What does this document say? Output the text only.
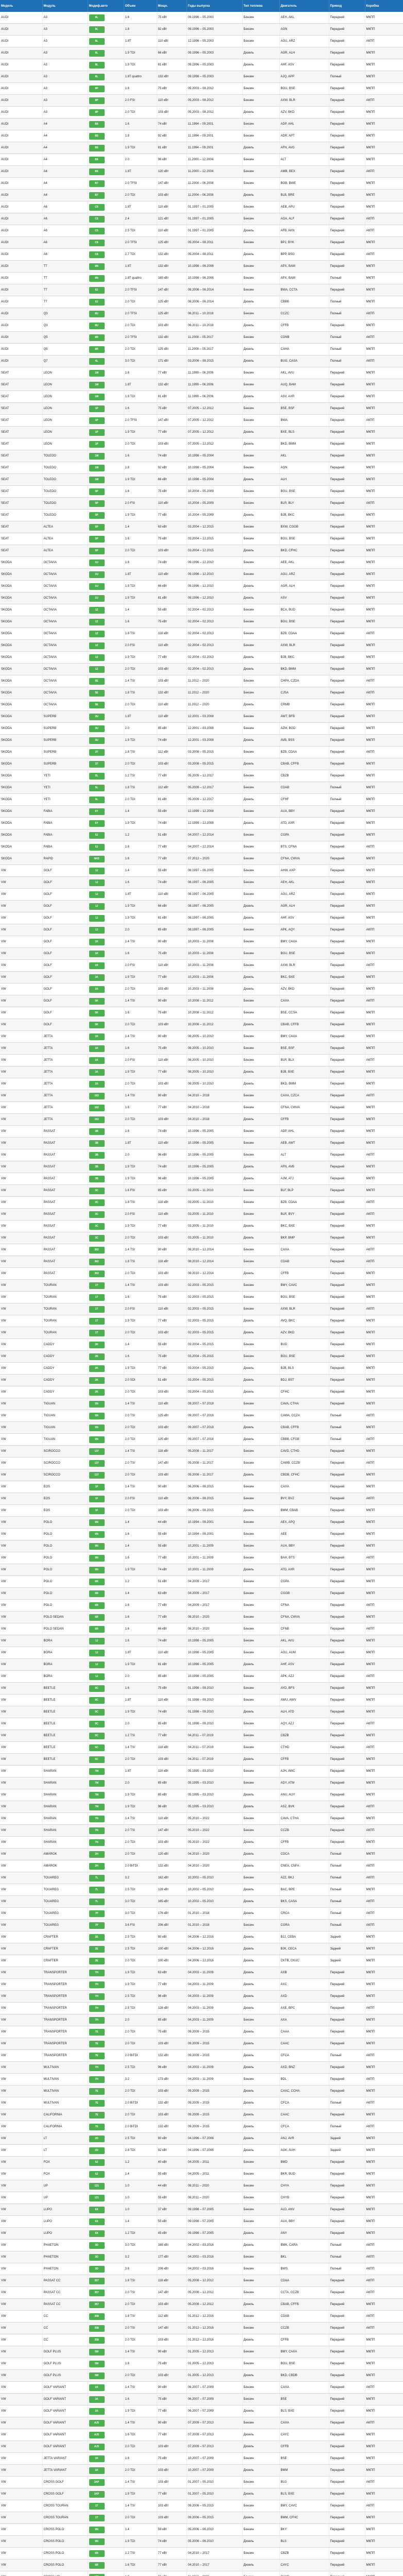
Модель	Модуль	Модиф.авто	Объем	Мощн.	Годы выпуска	Тип топлива	Двигатель	Привод	Коробка
AUDI	A3	8L	1.6	75 кВт	09.1996 – 05.2003	Бензин	AEH, AKL	Передний	МКПП
AUDI	A3	8L	1.8	92 кВт	09.1996 – 05.2003	Бензин	AGN	Передний	МКПП
AUDI	A3	8L	1.8T	110 кВт	12.1996 – 05.2003	Бензин	AGU, ARZ	Передний	АКПП
AUDI	A3	8L	1.9 TDI	66 кВт	09.1996 – 05.2003	Дизель	AGR, ALH	Передний	МКПП
AUDI	A3	8L	1.9 TDI	81 кВт	09.1996 – 05.2003	Дизель	AHF, ASV	Передний	МКПП
AUDI	A3	8L	1.8T quattro	132 кВт	09.1998 – 05.2003	Бензин	AJQ, APP	Полный	МКПП
AUDI	A3	8P	1.6	75 кВт	05.2003 – 08.2012	Бензин	BGU, BSE	Передний	МКПП
AUDI	A3	8P	2.0 FSI	110 кВт	05.2003 – 08.2012	Бензин	AXW, BLR	Передний	АКПП
AUDI	A3	8P	2.0 TDI	103 кВт	05.2003 – 08.2012	Дизель	AZV, BKD	Передний	МКПП
AUDI	A4	B5	1.6	74 кВт	11.1994 – 09.2001	Бензин	ADP, AHL	Передний	МКПП
AUDI	A4	B5	1.8	92 кВт	11.1994 – 09.2001	Бензин	ADR, APT	Передний	МКПП
AUDI	A4	B5	1.9 TDI	81 кВт	11.1994 – 09.2001	Дизель	AFN, AVG	Передний	МКПП
AUDI	A4	B6	2.0	96 кВт	11.2000 – 12.2004	Бензин	ALT	Передний	МКПП
AUDI	A4	B6	1.8T	120 кВт	11.2000 – 12.2004	Бензин	AMB, BEX	Передний	АКПП
AUDI	A4	B7	2.0 TFSI	147 кВт	11.2004 – 06.2008	Бензин	BGB, BWE	Передний	МКПП
AUDI	A4	B7	2.0 TDI	103 кВт	11.2004 – 06.2008	Дизель	BLB, BRE	Передний	МКПП
AUDI	A6	C5	1.8T	110 кВт	01.1997 – 01.2005	Бензин	AEB, APU	Передний	МКПП
AUDI	A6	C5	2.4	121 кВт	01.1997 – 01.2005	Бензин	AGA, ALF	Передний	АКПП
AUDI	A6	C5	2.5 TDI	110 кВт	01.1997 – 01.2005	Дизель	AFB, AKN	Передний	АКПП
AUDI	A6	C6	2.0 TFSI	125 кВт	05.2004 – 08.2011	Бензин	BPJ, BYK	Передний	МКПП
AUDI	A6	C6	2.7 TDI	132 кВт	05.2004 – 08.2011	Дизель	BPP, BSG	Передний	АКПП
AUDI	TT	8N	1.8T	132 кВт	10.1998 – 06.2006	Бензин	APX, BAM	Передний	МКПП
AUDI	TT	8N	1.8T quattro	165 кВт	10.1998 – 06.2006	Бензин	APX, BAM	Полный	МКПП
AUDI	TT	8J	2.0 TFSI	147 кВт	08.2006 – 06.2014	Бензин	BWA, CCTA	Передний	МКПП
AUDI	TT	8J	2.0 TDI	125 кВт	08.2006 – 06.2014	Дизель	CBBB	Полный	МКПП
AUDI	Q3	8U	2.0 TFSI	125 кВт	06.2011 – 10.2018	Бензин	CCZC	Полный	АКПП
AUDI	Q3	8U	2.0 TDI	103 кВт	06.2011 – 10.2018	Дизель	CFFB	Передний	МКПП
AUDI	Q5	8R	2.0 TFSI	132 кВт	11.2008 – 05.2017	Бензин	CDNB	Полный	АКПП
AUDI	Q5	8R	2.0 TDI	125 кВт	11.2008 – 05.2017	Дизель	CAHA	Полный	МКПП
AUDI	Q7	4L	3.0 TDI	171 кВт	03.2006 – 08.2015	Дизель	BUG, CASA	Полный	АКПП
SEAT	LEON	1M	1.6	77 кВт	11.1999 – 06.2006	Бензин	AKL, AVU	Передний	МКПП
SEAT	LEON	1M	1.8T	132 кВт	11.1999 – 06.2006	Бензин	AUQ, BAM	Передний	МКПП
SEAT	LEON	1M	1.9 TDI	81 кВт	11.1999 – 06.2006	Дизель	ASV, AXR	Передний	МКПП
SEAT	LEON	1P	1.6	75 кВт	07.2005 – 12.2012	Бензин	BSE, BSF	Передний	МКПП
SEAT	LEON	1P	2.0 TFSI	147 кВт	07.2005 – 12.2012	Бензин	BWA	Передний	АКПП
SEAT	LEON	1P	1.9 TDI	77 кВт	07.2005 – 12.2012	Дизель	BXE, BLS	Передний	МКПП
SEAT	LEON	1P	2.0 TDI	103 кВт	07.2005 – 12.2012	Дизель	BKD, BMM	Передний	МКПП
SEAT	TOLEDO	1M	1.6	74 кВт	10.1998 – 05.2004	Бензин	AKL	Передний	МКПП
SEAT	TOLEDO	1M	1.8	92 кВт	10.1998 – 05.2004	Бензин	AGN	Передний	МКПП
SEAT	TOLEDO	1M	1.9 TDI	66 кВт	10.1998 – 05.2004	Дизель	ALH	Передний	МКПП
SEAT	TOLEDO	5P	1.6	75 кВт	10.2004 – 05.2009	Бензин	BGU, BSE	Передний	МКПП
SEAT	TOLEDO	5P	2.0 FSI	110 кВт	10.2004 – 05.2009	Бензин	BLR, BLY	Передний	АКПП
SEAT	TOLEDO	5P	1.9 TDI	77 кВт	10.2004 – 05.2009	Дизель	BJB, BKC	Передний	МКПП
SEAT	ALTEA	5P	1.4	63 кВт	03.2004 – 12.2015	Бензин	BXW, CGGB	Передний	МКПП
SEAT	ALTEA	5P	1.6	75 кВт	03.2004 – 12.2015	Бензин	BGU, BSE	Передний	МКПП
SEAT	ALTEA	5P	2.0 TDI	103 кВт	03.2004 – 12.2015	Дизель	BKD, CFHC	Передний	МКПП
SKODA	OCTAVIA	1U	1.6	74 кВт	09.1996 – 12.2010	Бензин	AEE, AKL	Передний	МКПП
SKODA	OCTAVIA	1U	1.8T	110 кВт	09.1996 – 12.2010	Бензин	AGU, ARZ	Передний	МКПП
SKODA	OCTAVIA	1U	1.9 TDI	66 кВт	09.1996 – 12.2010	Дизель	AGR, ALH	Передний	МКПП
SKODA	OCTAVIA	1U	1.9 TDI	81 кВт	09.1996 – 12.2010	Дизель	ASV	Передний	МКПП
SKODA	OCTAVIA	1Z	1.4	55 кВт	02.2004 – 02.2013	Бензин	BCA, BUD	Передний	МКПП
SKODA	OCTAVIA	1Z	1.6	75 кВт	02.2004 – 02.2013	Бензин	BGU, BSE	Передний	МКПП
SKODA	OCTAVIA	1Z	1.8 TSI	118 кВт	02.2004 – 02.2013	Бензин	BZB, CDAA	Передний	АКПП
SKODA	OCTAVIA	1Z	2.0 FSI	110 кВт	02.2004 – 02.2013	Бензин	AXW, BLR	Передний	МКПП
SKODA	OCTAVIA	1Z	1.9 TDI	77 кВт	02.2004 – 02.2013	Дизель	BJB, BKC	Передний	МКПП
SKODA	OCTAVIA	1Z	2.0 TDI	103 кВт	02.2004 – 02.2013	Дизель	BKD, BMM	Передний	МКПП
SKODA	OCTAVIA	5E	1.4 TSI	103 кВт	11.2012 – 2020	Бензин	CHPA, CZDA	Передний	АКПП
SKODA	OCTAVIA	5E	1.8 TSI	132 кВт	11.2012 – 2020	Бензин	CJSA	Передний	АКПП
SKODA	OCTAVIA	5E	2.0 TDI	110 кВт	11.2012 – 2020	Дизель	CRMB	Передний	МКПП
SKODA	SUPERB	3U	1.8T	110 кВт	12.2001 – 03.2008	Бензин	AWT, BFB	Передний	МКПП
SKODA	SUPERB	3U	2.0	85 кВт	12.2001 – 03.2008	Бензин	AZM, BGD	Передний	МКПП
SKODA	SUPERB	3U	1.9 TDI	74 кВт	12.2001 – 03.2008	Дизель	AVB, BSS	Передний	МКПП
SKODA	SUPERB	3T	1.8 TSI	112 кВт	03.2008 – 05.2015	Бензин	BZB, CDAA	Передний	АКПП
SKODA	SUPERB	3T	2.0 TDI	103 кВт	03.2008 – 05.2015	Дизель	CBAB, CFFB	Передний	МКПП
SKODA	YETI	5L	1.2 TSI	77 кВт	05.2009 – 12.2017	Бензин	CBZB	Передний	МКПП
SKODA	YETI	5L	1.8 TSI	112 кВт	05.2009 – 12.2017	Бензин	CDAB	Полный	МКПП
SKODA	YETI	5L	2.0 TDI	81 кВт	05.2009 – 12.2017	Дизель	CFHF	Полный	МКПП
SKODA	FABIA	6Y	1.4	55 кВт	12.1999 – 12.2008	Бензин	AUA, BBY	Передний	МКПП
SKODA	FABIA	6Y	1.9 TDI	74 кВт	12.1999 – 12.2008	Дизель	ATD, AXR	Передний	МКПП
SKODA	FABIA	5J	1.2	51 кВт	04.2007 – 12.2014	Бензин	CGPA	Передний	МКПП
SKODA	FABIA	5J	1.6	77 кВт	04.2007 – 12.2014	Бензин	BTS, CFNA	Передний	АКПП
SKODA	RAPID	NH3	1.6	77 кВт	07.2012 – 2020	Бензин	CFNA, CWVA	Передний	МКПП
VW	GOLF	1J	1.4	55 кВт	08.1997 – 06.2005	Бензин	AHW, AXP	Передний	МКПП
VW	GOLF	1J	1.6	74 кВт	08.1997 – 06.2005	Бензин	AEH, AKL	Передний	МКПП
VW	GOLF	1J	1.8T	110 кВт	08.1997 – 06.2005	Бензин	AGU, ARZ	Передний	МКПП
VW	GOLF	1J	1.9 TDI	66 кВт	08.1997 – 06.2005	Дизель	AGR, ALH	Передний	МКПП
VW	GOLF	1J	1.9 TDI	81 кВт	08.1997 – 06.2005	Дизель	AHF, ASV	Передний	МКПП
VW	GOLF	1J	2.0	85 кВт	08.1997 – 06.2005	Бензин	APK, AQY	Передний	АКПП
VW	GOLF	1K	1.4 TSI	90 кВт	10.2003 – 11.2008	Бензин	BMY, CAXA	Передний	МКПП
VW	GOLF	1K	1.6	75 кВт	10.2003 – 11.2008	Бензин	BGU, BSE	Передний	МКПП
VW	GOLF	1K	2.0 FSI	110 кВт	10.2003 – 11.2008	Бензин	AXW, BLR	Передний	АКПП
VW	GOLF	1K	1.9 TDI	77 кВт	10.2003 – 11.2008	Дизель	BKC, BXE	Передний	МКПП
VW	GOLF	1K	2.0 TDI	103 кВт	10.2003 – 11.2008	Дизель	AZV, BKD	Передний	МКПП
VW	GOLF	5K	1.4 TSI	90 кВт	10.2008 – 11.2012	Бензин	CAXA	Передний	АКПП
VW	GOLF	5K	1.6	75 кВт	10.2008 – 11.2012	Бензин	BSE, CCSA	Передний	МКПП
VW	GOLF	5K	2.0 TDI	103 кВт	10.2008 – 11.2012	Дизель	CBAB, CFFB	Передний	МКПП
VW	JETTA	1K	1.4 TSI	90 кВт	08.2005 – 10.2010	Бензин	BMY, CAXA	Передний	МКПП
VW	JETTA	1K	1.6	75 кВт	08.2005 – 10.2010	Бензин	BSE, BSF	Передний	МКПП
VW	JETTA	1K	2.0 FSI	110 кВт	08.2005 – 10.2010	Бензин	BLR, BLX	Передний	АКПП
VW	JETTA	1K	1.9 TDI	77 кВт	08.2005 – 10.2010	Дизель	BJB, BXE	Передний	МКПП
VW	JETTA	1K	2.0 TDI	103 кВт	08.2005 – 10.2010	Дизель	BKD, BMM	Передний	МКПП
VW	JETTA	162	1.4 TSI	90 кВт	04.2010 – 2018	Бензин	CAXA, CZCA	Передний	АКПП
VW	JETTA	162	1.6	77 кВт	04.2010 – 2018	Бензин	CFNA, CWVA	Передний	МКПП
VW	JETTA	162	2.0 TDI	103 кВт	04.2010 – 2018	Дизель	CFFB	Передний	МКПП
VW	PASSAT	3B	1.6	74 кВт	10.1996 – 05.2005	Бензин	ADP, AHL	Передний	МКПП
VW	PASSAT	3B	1.8T	110 кВт	10.1996 – 05.2005	Бензин	AEB, AWT	Передний	МКПП
VW	PASSAT	3B	2.0	96 кВт	10.1996 – 05.2005	Бензин	ALT	Передний	АКПП
VW	PASSAT	3B	1.9 TDI	74 кВт	10.1996 – 05.2005	Дизель	AFN, AVB	Передний	МКПП
VW	PASSAT	3B	1.9 TDI	96 кВт	10.1996 – 05.2005	Дизель	AJM, ATJ	Передний	МКПП
VW	PASSAT	3C	1.6 FSI	85 кВт	03.2005 – 11.2010	Бензин	BLF, BLP	Передний	МКПП
VW	PASSAT	3C	1.8 TSI	118 кВт	03.2005 – 11.2010	Бензин	BZB, CDAA	Передний	АКПП
VW	PASSAT	3C	2.0 FSI	110 кВт	03.2005 – 11.2010	Бензин	BLR, BVY	Передний	АКПП
VW	PASSAT	3C	1.9 TDI	77 кВт	03.2005 – 11.2010	Дизель	BKC, BXE	Передний	МКПП
VW	PASSAT	3C	2.0 TDI	103 кВт	03.2005 – 11.2010	Дизель	BKP, BMP	Передний	МКПП
VW	PASSAT	362	1.4 TSI	90 кВт	08.2010 – 12.2014	Бензин	CAXA	Передний	АКПП
VW	PASSAT	362	1.8 TSI	118 кВт	08.2010 – 12.2014	Бензин	CDAB	Передний	АКПП
VW	PASSAT	362	2.0 TDI	103 кВт	08.2010 – 12.2014	Дизель	CFFB	Передний	МКПП
VW	TOURAN	1T	1.4 TSI	103 кВт	02.2003 – 05.2015	Бензин	BMY, CAVC	Передний	МКПП
VW	TOURAN	1T	1.6	75 кВт	02.2003 – 05.2015	Бензин	BGU, BSE	Передний	МКПП
VW	TOURAN	1T	2.0 FSI	110 кВт	02.2003 – 05.2015	Бензин	AXW, BLR	Передний	АКПП
VW	TOURAN	1T	1.9 TDI	77 кВт	02.2003 – 05.2015	Дизель	AVQ, BKC	Передний	МКПП
VW	TOURAN	1T	2.0 TDI	103 кВт	02.2003 – 05.2015	Дизель	AZV, BKD	Передний	МКПП
VW	CADDY	2K	1.4	55 кВт	03.2004 – 05.2015	Бензин	BUD	Передний	МКПП
VW	CADDY	2K	1.6	75 кВт	03.2004 – 05.2015	Бензин	BGU, BSE	Передний	МКПП
VW	CADDY	2K	1.9 TDI	77 кВт	03.2004 – 05.2015	Дизель	BJB, BLS	Передний	МКПП
VW	CADDY	2K	2.0 SDI	51 кВт	03.2004 – 05.2015	Дизель	BDJ, BST	Передний	МКПП
VW	CADDY	2K	2.0 TDI	103 кВт	03.2004 – 05.2015	Дизель	CFHC	Передний	МКПП
VW	TIGUAN	5N	1.4 TSI	110 кВт	09.2007 – 07.2018	Бензин	CAVA, CTHA	Передний	МКПП
VW	TIGUAN	5N	2.0 TSI	125 кВт	09.2007 – 07.2018	Бензин	CAWA, CCZA	Полный	АКПП
VW	TIGUAN	5N	2.0 TDI	103 кВт	09.2007 – 07.2018	Дизель	CBAB, CFFB	Полный	МКПП
VW	TIGUAN	5N	2.0 TDI	125 кВт	09.2007 – 07.2018	Дизель	CBBB, CFGB	Полный	АКПП
VW	SCIROCCO	137	1.4 TSI	118 кВт	05.2008 – 11.2017	Бензин	CAVD, CTHD	Передний	МКПП
VW	SCIROCCO	137	2.0 TSI	147 кВт	05.2008 – 11.2017	Бензин	CAWB, CCZB	Передний	АКПП
VW	SCIROCCO	137	2.0 TDI	103 кВт	05.2008 – 11.2017	Дизель	CBDB, CFHC	Передний	МКПП
VW	EOS	1F	1.4 TSI	90 кВт	06.2006 – 08.2015	Бензин	CAXA	Передний	МКПП
VW	EOS	1F	2.0 FSI	110 кВт	06.2006 – 08.2015	Бензин	BVY, BVZ	Передний	АКПП
VW	EOS	1F	2.0 TDI	103 кВт	06.2006 – 08.2015	Дизель	BMM, CBAB	Передний	МКПП
VW	POLO	6N	1.4	44 кВт	10.1994 – 09.2001	Бензин	AEX, APQ	Передний	МКПП
VW	POLO	6N	1.6	55 кВт	10.1994 – 09.2001	Бензин	AEE	Передний	МКПП
VW	POLO	9N	1.4	55 кВт	10.2001 – 11.2009	Бензин	AUA, BBY	Передний	МКПП
VW	POLO	9N	1.6	77 кВт	10.2001 – 11.2009	Бензин	BAH, BTS	Передний	АКПП
VW	POLO	9N	1.9 TDI	74 кВт	10.2001 – 11.2009	Дизель	ATD, AXR	Передний	МКПП
VW	POLO	6R	1.2	51 кВт	04.2009 – 2017	Бензин	CGPA	Передний	МКПП
VW	POLO	6R	1.4	63 кВт	04.2009 – 2017	Бензин	CGGB	Передний	МКПП
VW	POLO	6R	1.6	77 кВт	04.2009 – 2017	Бензин	CFNA	Передний	АКПП
VW	POLO SEDAN	6R	1.6	77 кВт	08.2010 – 2020	Бензин	CFNA, CWVA	Передний	МКПП
VW	POLO SEDAN	6R	1.6	66 кВт	08.2010 – 2020	Бензин	CFNB	Передний	АКПП
VW	BORA	1J	1.6	74 кВт	10.1998 – 05.2005	Бензин	AKL, AVU	Передний	МКПП
VW	BORA	1J	1.8T	110 кВт	10.1998 – 05.2005	Бензин	AGU, AUM	Передний	МКПП
VW	BORA	1J	1.9 TDI	81 кВт	10.1998 – 05.2005	Дизель	AHF, ASV	Передний	МКПП
VW	BORA	1J	2.0	85 кВт	10.1998 – 05.2005	Бензин	APK, AZJ	Передний	АКПП
VW	BEETLE	9C	1.6	75 кВт	01.1998 – 09.2010	Бензин	AYD, BFS	Передний	МКПП
VW	BEETLE	9C	1.8T	110 кВт	01.1998 – 09.2010	Бензин	AWU, AWV	Передний	МКПП
VW	BEETLE	9C	1.9 TDI	74 кВт	01.1998 – 09.2010	Дизель	ALH, ATD	Передний	МКПП
VW	BEETLE	9C	2.0	85 кВт	01.1998 – 09.2010	Бензин	AQY, AZJ	Передний	АКПП
VW	BEETLE	5C	1.2 TSI	77 кВт	04.2011 – 07.2019	Бензин	CBZB	Передний	МКПП
VW	BEETLE	5C	1.4 TSI	118 кВт	04.2011 – 07.2019	Бензин	CTHD	Передний	АКПП
VW	BEETLE	5C	2.0 TDI	103 кВт	04.2011 – 07.2019	Дизель	CFFB	Передний	МКПП
VW	SHARAN	7M	1.8T	110 кВт	05.1995 – 03.2010	Бензин	AJH, AWC	Передний	МКПП
VW	SHARAN	7M	2.0	85 кВт	05.1995 – 03.2010	Бензин	ADY, ATM	Передний	МКПП
VW	SHARAN	7M	1.9 TDI	85 кВт	05.1995 – 03.2010	Дизель	ANU, AUY	Передний	МКПП
VW	SHARAN	7M	1.9 TDI	96 кВт	05.1995 – 03.2010	Дизель	ASZ, BVK	Передний	АКПП
VW	SHARAN	7N	1.4 TSI	110 кВт	05.2010 – 2022	Бензин	CAVA, CTHA	Передний	МКПП
VW	SHARAN	7N	2.0 TSI	147 кВт	05.2010 – 2022	Бензин	CCZB	Передний	АКПП
VW	SHARAN	7N	2.0 TDI	103 кВт	05.2010 – 2022	Дизель	CFFB	Передний	МКПП
VW	AMAROK	2H	2.0 TDI	120 кВт	04.2010 – 2020	Дизель	CDCA	Полный	МКПП
VW	AMAROK	2H	2.0 BiTDI	132 кВт	04.2010 – 2020	Дизель	CNEA, CNFA	Полный	АКПП
VW	TOUAREG	7L	3.2	162 кВт	10.2002 – 05.2010	Бензин	AZZ, BKJ	Полный	АКПП
VW	TOUAREG	7L	2.5 TDI	128 кВт	10.2002 – 05.2010	Дизель	BAC, BPE	Полный	МКПП
VW	TOUAREG	7L	3.0 TDI	165 кВт	10.2002 – 05.2010	Дизель	BKS, CASA	Полный	АКПП
VW	TOUAREG	7P	3.0 TDI	176 кВт	01.2010 – 2018	Дизель	CRCA	Полный	АКПП
VW	TOUAREG	7P	3.6 FSI	206 кВт	01.2010 – 2018	Бензин	CGRA	Полный	АКПП
VW	CRAFTER	2E	2.5 TDI	80 кВт	04.2006 – 12.2016	Дизель	BJJ, CEBA	Задний	МКПП
VW	CRAFTER	2E	2.5 TDI	100 кВт	04.2006 – 12.2016	Дизель	BJK, CECA	Задний	МКПП
VW	CRAFTER	2E	2.0 TDI	100 кВт	04.2006 – 12.2016	Дизель	CKTB, CKUC	Задний	МКПП
VW	TRANSPORTER	7H	1.9 TDI	63 кВт	04.2003 – 11.2009	Дизель	AXB	Передний	МКПП
VW	TRANSPORTER	7H	1.9 TDI	77 кВт	04.2003 – 11.2009	Дизель	AXC	Передний	МКПП
VW	TRANSPORTER	7H	2.5 TDI	96 кВт	04.2003 – 11.2009	Дизель	AXD	Передний	МКПП
VW	TRANSPORTER	7H	2.5 TDI	128 кВт	04.2003 – 11.2009	Дизель	AXE, BPC	Передний	АКПП
VW	TRANSPORTER	7H	2.0	85 кВт	04.2003 – 11.2009	Бензин	AXA	Передний	МКПП
VW	TRANSPORTER	7E	2.0 TDI	75 кВт	09.2009 – 2015	Дизель	CAAA	Передний	МКПП
VW	TRANSPORTER	7E	2.0 TDI	103 кВт	09.2009 – 2015	Дизель	CAAC	Передний	МКПП
VW	TRANSPORTER	7E	2.0 BiTDI	132 кВт	09.2009 – 2015	Дизель	CFCA	Полный	АКПП
VW	MULTIVAN	7H	2.5 TDI	96 кВт	04.2003 – 11.2009	Дизель	AXD, BNZ	Передний	МКПП
VW	MULTIVAN	7H	3.2	173 кВт	04.2003 – 11.2009	Бензин	BDL	Передний	АКПП
VW	MULTIVAN	7E	2.0 TDI	103 кВт	09.2009 – 2015	Дизель	CAAC, CCHA	Передний	МКПП
VW	MULTIVAN	7E	2.0 BiTDI	132 кВт	09.2009 – 2015	Дизель	CFCA	Полный	АКПП
VW	CALIFORNIA	7E	2.0 TDI	103 кВт	09.2009 – 2015	Дизель	CAAC	Передний	МКПП
VW	CALIFORNIA	7E	2.0 BiTDI	132 кВт	09.2009 – 2015	Дизель	CFCA	Полный	АКПП
VW	LT	2D	2.5 TDI	80 кВт	04.1996 – 07.2006	Дизель	ANJ, AVR	Задний	МКПП
VW	LT	2D	2.8 TDI	92 кВт	04.1996 – 07.2006	Дизель	AGK, AUH	Задний	МКПП
VW	FOX	5Z	1.2	40 кВт	04.2005 – 2011	Бензин	BMD	Передний	МКПП
VW	FOX	5Z	1.4	55 кВт	04.2005 – 2011	Бензин	BKR, BUD	Передний	МКПП
VW	UP	121	1.0	44 кВт	08.2011 – 2020	Бензин	CHYA	Передний	МКПП
VW	UP	121	1.0	55 кВт	08.2011 – 2020	Бензин	CHYB	Передний	МКПП
VW	LUPO	6X	1.0	37 кВт	09.1998 – 07.2005	Бензин	ALD, ANV	Передний	МКПП
VW	LUPO	6X	1.4	55 кВт	09.1998 – 07.2005	Бензин	AUA, BBY	Передний	МКПП
VW	LUPO	6X	1.2 TDI	45 кВт	09.1998 – 07.2005	Дизель	ANY	Передний	МКПП
VW	PHAETON	3D	3.0 TDI	165 кВт	04.2002 – 03.2016	Дизель	BMK, CARA	Полный	АКПП
VW	PHAETON	3D	3.2	177 кВт	04.2002 – 03.2016	Бензин	BKL	Полный	АКПП
VW	PHAETON	3D	3.6	206 кВт	04.2002 – 03.2016	Бензин	BWS	Полный	АКПП
VW	PASSAT CC	357	1.8 TSI	118 кВт	05.2008 – 12.2012	Бензин	CDAA	Передний	АКПП
VW	PASSAT CC	357	2.0 TSI	147 кВт	05.2008 – 12.2012	Бензин	CCTA, CCZB	Передний	АКПП
VW	PASSAT CC	357	2.0 TDI	103 кВт	05.2008 – 12.2012	Дизель	CBAB, CFFB	Передний	МКПП
VW	CC	358	1.8 TSI	112 кВт	01.2012 – 12.2016	Бензин	CDAB	Передний	АКПП
VW	CC	358	2.0 TSI	147 кВт	01.2012 – 12.2016	Бензин	CCZB	Передний	АКПП
VW	CC	358	2.0 TDI	103 кВт	01.2012 – 12.2016	Дизель	CFFB	Передний	МКПП
VW	GOLF PLUS	5M	1.4 TSI	90 кВт	01.2005 – 12.2013	Бензин	BMY, CAXA	Передний	МКПП
VW	GOLF PLUS	5M	1.6	75 кВт	01.2005 – 12.2013	Бензин	BGU, BSE	Передний	МКПП
VW	GOLF PLUS	5M	2.0 TDI	103 кВт	01.2005 – 12.2013	Дизель	BKD, CBDB	Передний	МКПП
VW	GOLF VARIANT	1K	1.4 TSI	90 кВт	06.2007 – 07.2009	Бензин	CAXA	Передний	АКПП
VW	GOLF VARIANT	1K	1.6	75 кВт	06.2007 – 07.2009	Бензин	BSE	Передний	МКПП
VW	GOLF VARIANT	1K	1.9 TDI	77 кВт	06.2007 – 07.2009	Дизель	BLS, BXE	Передний	МКПП
VW	GOLF VARIANT	AJ5	1.4 TSI	90 кВт	07.2009 – 07.2013	Бензин	CAXA	Передний	АКПП
VW	GOLF VARIANT	AJ5	1.6 TDI	77 кВт	07.2009 – 07.2013	Дизель	CAYC	Передний	МКПП
VW	GOLF VARIANT	AJ5	2.0 TDI	103 кВт	07.2009 – 07.2013	Дизель	CFFB	Передний	МКПП
VW	JETTA VARIANT	1K	1.6	75 кВт	10.2007 – 07.2009	Бензин	BSE	Передний	МКПП
VW	JETTA VARIANT	1K	2.0 TDI	103 кВт	10.2007 – 07.2009	Дизель	BMM	Передний	МКПП
VW	CROSS GOLF	1KP	1.4 TSI	103 кВт	01.2007 – 05.2010	Бензин	BLG	Передний	АКПП
VW	CROSS GOLF	1KP	1.9 TDI	77 кВт	01.2007 – 05.2010	Дизель	BLS, BXE	Передний	МКПП
VW	CROSS TOURAN	1T	1.4 TSI	103 кВт	09.2006 – 05.2015	Бензин	BMY, CAVC	Передний	АКПП
VW	CROSS TOURAN	1T	2.0 TDI	103 кВт	09.2006 – 05.2015	Дизель	BMM, CFHC	Передний	МКПП
VW	CROSS POLO	9N	1.4	59 кВт	05.2006 – 06.2010	Бензин	BKY	Передний	МКПП
VW	CROSS POLO	9N	1.9 TDI	74 кВт	05.2006 – 06.2010	Дизель	BLS	Передний	МКПП
VW	CROSS POLO	6R	1.2 TSI	77 кВт	04.2010 – 2017	Бензин	CBZB	Передний	МКПП
VW	CROSS POLO	6R	1.6 TDI	77 кВт	04.2010 – 2017	Дизель	CAYC	Передний	МКПП
